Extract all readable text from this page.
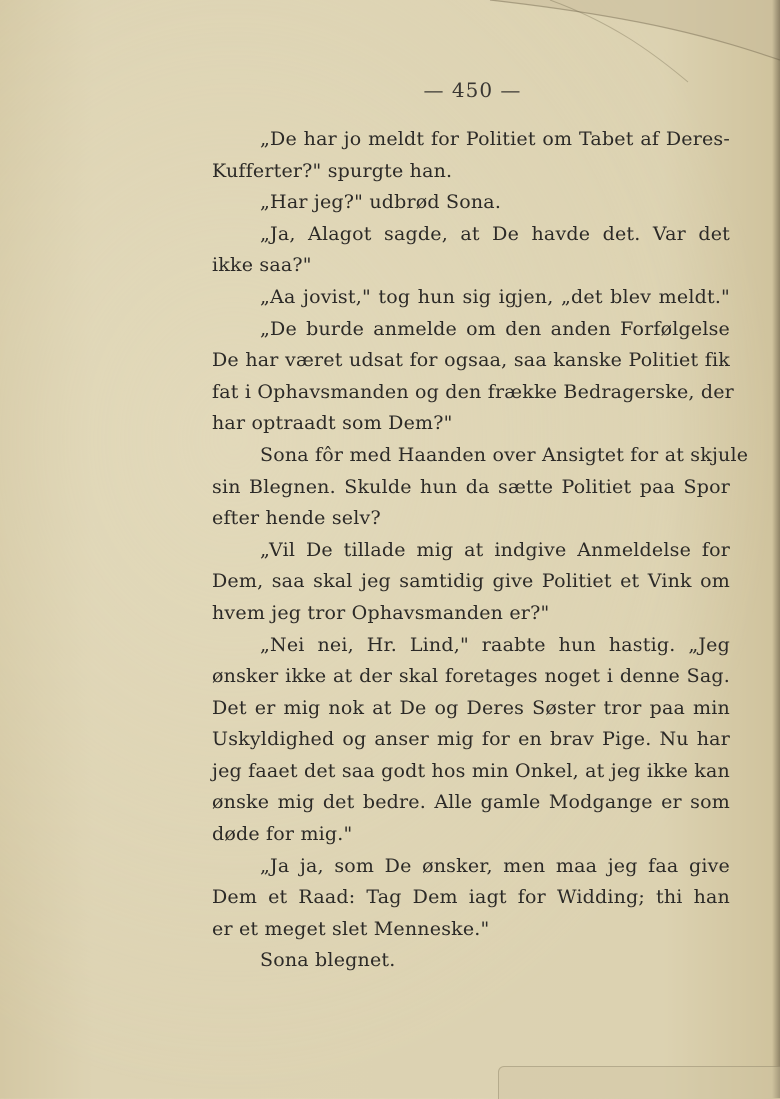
— 450 —
„De har jo meldt for Politiet om Tabet af Deres-
Kufferter?" spurgte han.
„Har jeg?" udbrød Sona.
„Ja, Alagot sagde, at De havde det. Var det
ikke saa?"
„Aa jovist," tog hun sig igjen, „det blev meldt."
„De burde anmelde om den anden Forfølgelse
De har været udsat for ogsaa, saa kanske Politiet fik
fat i Ophavsmanden og den frække Bedragerske, der
har optraadt som Dem?"
Sona fôr med Haanden over Ansigtet for at skjule
sin Blegnen. Skulde hun da sætte Politiet paa Spor
efter hende selv?
„Vil De tillade mig at indgive Anmeldelse for
Dem, saa skal jeg samtidig give Politiet et Vink om
hvem jeg tror Ophavsmanden er?"
„Nei nei, Hr. Lind," raabte hun hastig. „Jeg
ønsker ikke at der skal foretages noget i denne Sag.
Det er mig nok at De og Deres Søster tror paa min
Uskyldighed og anser mig for en brav Pige. Nu har
jeg faaet det saa godt hos min Onkel, at jeg ikke kan
ønske mig det bedre. Alle gamle Modgange er som
døde for mig."
„Ja ja, som De ønsker, men maa jeg faa give
Dem et Raad: Tag Dem iagt for Widding; thi han
er et meget slet Menneske."
Sona blegnet.
